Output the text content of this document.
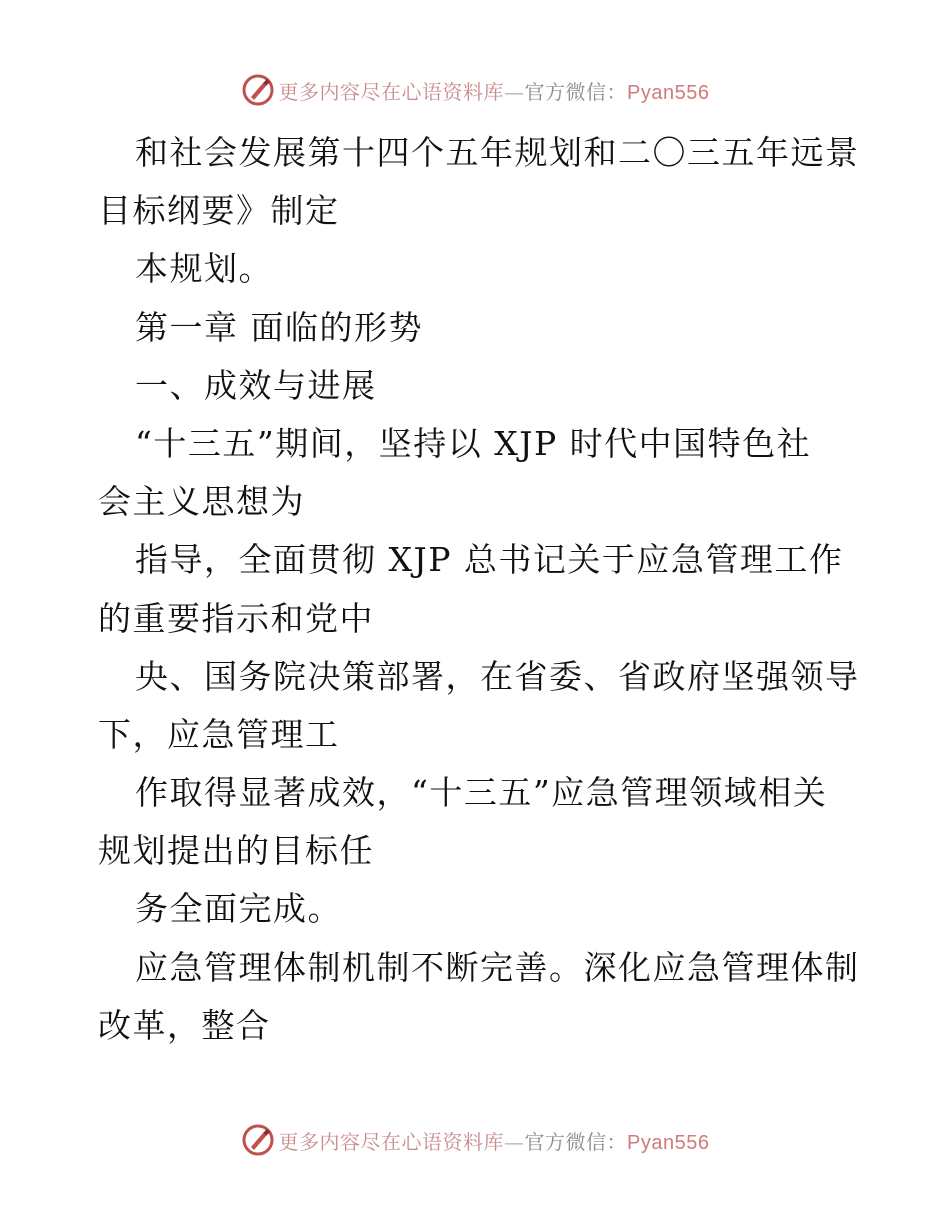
更多内容尽在心语资料库—官方微信：Pyan556
和社会发展第十四个五年规划和二〇三五年远景
目标纲要》制定
本规划。
第一章 面临的形势
一、成效与进展
“十三五”期间，坚持以 XJP 时代中国特色社
会主义思想为
指导，全面贯彻 XJP 总书记关于应急管理工作
的重要指示和党中
央、国务院决策部署，在省委、省政府坚强领导
下，应急管理工
作取得显著成效，“十三五”应急管理领域相关
规划提出的目标任
务全面完成。
应急管理体制机制不断完善。深化应急管理体制
改革，整合
更多内容尽在心语资料库—官方微信：Pyan556
